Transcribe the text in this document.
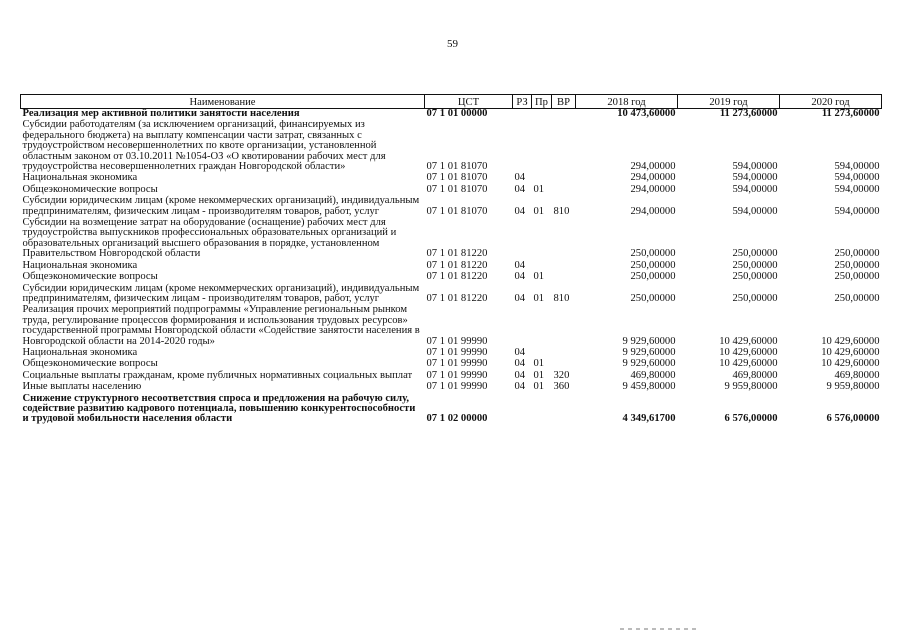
59
Наименование	ЦСТ	РЗ	Пр	ВР	2018 год	2019 год	2020 год
Реализация мер активной политики занятости населения	07 1 01 00000				10 473,60000	11 273,60000	11 273,60000
Субсидии работодателям (за исключением организаций, финансируемых из федерального бюджета) на выплату компенсации части затрат, связанных с трудоустройством несовершеннолетних по квоте организации, установленной областным законом от 03.10.2011 №1054-ОЗ «О квотировании рабочих мест для трудоустройства несовершеннолетних граждан Новгородской области»	07 1 01 81070				294,00000	594,00000	594,00000
Национальная экономика	07 1 01 81070	04			294,00000	594,00000	594,00000
Общеэкономические вопросы	07 1 01 81070	04	01		294,00000	594,00000	594,00000
Субсидии юридическим лицам (кроме некоммерческих организаций), индивидуальным предпринимателям, физическим лицам - производителям товаров, работ, услуг	07 1 01 81070	04	01	810	294,00000	594,00000	594,00000
Субсидии на возмещение затрат на оборудование (оснащение) рабочих мест для трудоустройства выпускников профессиональных образовательных организаций и образовательных организаций высшего образования в порядке, установленном Правительством Новгородской области	07 1 01 81220				250,00000	250,00000	250,00000
Национальная экономика	07 1 01 81220	04			250,00000	250,00000	250,00000
Общеэкономические вопросы	07 1 01 81220	04	01		250,00000	250,00000	250,00000
Субсидии юридическим лицам (кроме некоммерческих организаций), индивидуальным предпринимателям, физическим лицам - производителям товаров, работ, услуг	07 1 01 81220	04	01	810	250,00000	250,00000	250,00000
Реализация прочих мероприятий подпрограммы «Управление региональным рынком труда, регулирование процессов формирования и использования трудовых ресурсов» государственной программы Новгородской области «Содействие занятости населения в Новгородской области на 2014-2020 годы»	07 1 01 99990				9 929,60000	10 429,60000	10 429,60000
Национальная экономика	07 1 01 99990	04			9 929,60000	10 429,60000	10 429,60000
Общеэкономические вопросы	07 1 01 99990	04	01		9 929,60000	10 429,60000	10 429,60000
Социальные выплаты гражданам, кроме публичных нормативных социальных выплат	07 1 01 99990	04	01	320	469,80000	469,80000	469,80000
Иные выплаты населению	07 1 01 99990	04	01	360	9 459,80000	9 959,80000	9 959,80000
Снижение структурного несоответствия спроса и предложения на рабочую силу, содействие развитию кадрового потенциала, повышению конкурентоспособности и трудовой мобильности населения области	07 1 02 00000				4 349,61700	6 576,00000	6 576,00000
